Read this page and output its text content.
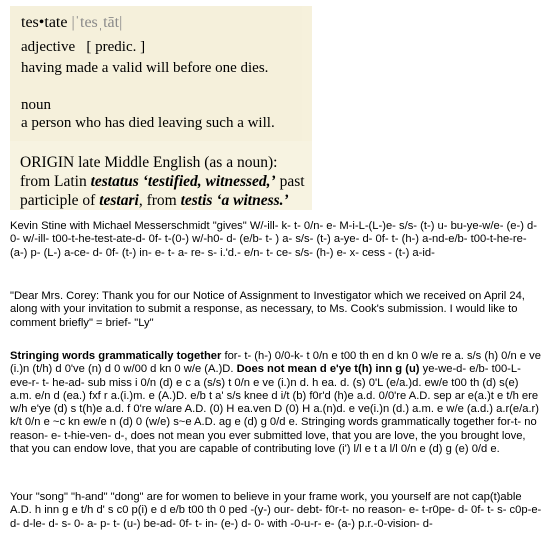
tes•tate |ˈtesˌtāt|

adjective   [ predic. ]

having made a valid will before one dies.

noun

a person who has died leaving such a will.

ORIGIN late Middle English (as a noun):

from Latin testatus ‘testified, witnessed,’ past

participle of testari, from testis ‘a witness.’

Kevin Stine with Michael Messerschmidt "gives" W/-ill- k- t- 0/n- e- M-i-L-(L-)e- s/s- (t-) u- bu-ye-w/e- (e-) d- 0- w/-ill- t00-t-he-test-ate-d- 0f- t-(0-) w/-h0- d- (e/b- t- ) a- s/s- (t-) a-ye- d- 0f- t- (h-) a-nd-e/b- t00-t-he-re- (a-) p- (L-) a-ce- d- 0f- (t-) in- e- t- a- re- s- i.'d.- e/n- t- ce- s/s- (h-) e- x- cess - (t-) a-id-

"Dear Mrs. Corey: Thank you for our Notice of Assignment to Investigator which we received on April 24, along with your invitation to submit a response, as necessary, to Ms. Cook's submission. I would like to comment briefly" = brief- "Ly"

Stringing words grammatically together for- t- (h-) 0/0-k- t 0/n e t00 th en d kn 0 w/e re a. s/s (h) 0/n e ve (i.)n (t/h) d 0've (n) d 0 w/00 d kn 0 w/e (A.)D. Does not mean d e'ye t(h) inn g (u) ye-we-d- e/b- t00-L-eve-r- t- he-ad- sub miss i 0/n (d) e c a (s/s) t 0/n e ve (i.)n d. h ea. d. (s) 0'L (e/a.)d. ew/e t00 th (d) s(e) a.m. e/n d (ea.) fxf r a.(i.)m. e (A.)D. e/b t a' s/s knee d i/t (b) f0r'd (h)e a.d. 0/0're A.D. sep ar e(a.)t e t/h ere w/h e'ye (d) s t(h)e a.d. f 0're w/are A.D. (0) H ea.ven D (0) H a.(n)d. e ve(i.)n (d.) a.m. e w/e (a.d.) a.r(e/a.r) k/t 0/n e ~c kn ew/e n (d) 0 (w/e) s~e A.D. ag e (d) g 0/d e. Stringing words grammatically together for-t- no reason- e- t-hie-ven- d-, does not mean you ever submitted love, that you are love, the you brought love, that you can endow love, that you are capable of contributing love (i') l/l e t a l/l 0/n e (d) g (e) 0/d e.

Your "song" "h-and" "dong" are for women to believe in your frame work, you yourself are not cap(t)able A.D. h inn g e t/h d' s c0 p(i) e d e/b t00 th 0 ped -(y-) our- debt- f0r-t- no reason- e- t-r0pe- d- 0f- t- s- c0p-e- d- d-le- d- s- 0- a- p- t- (u-) be-ad- 0f- t- in- (e-) d- 0- with -0-u-r- e- (a-) p.r.-0-vision- d-
